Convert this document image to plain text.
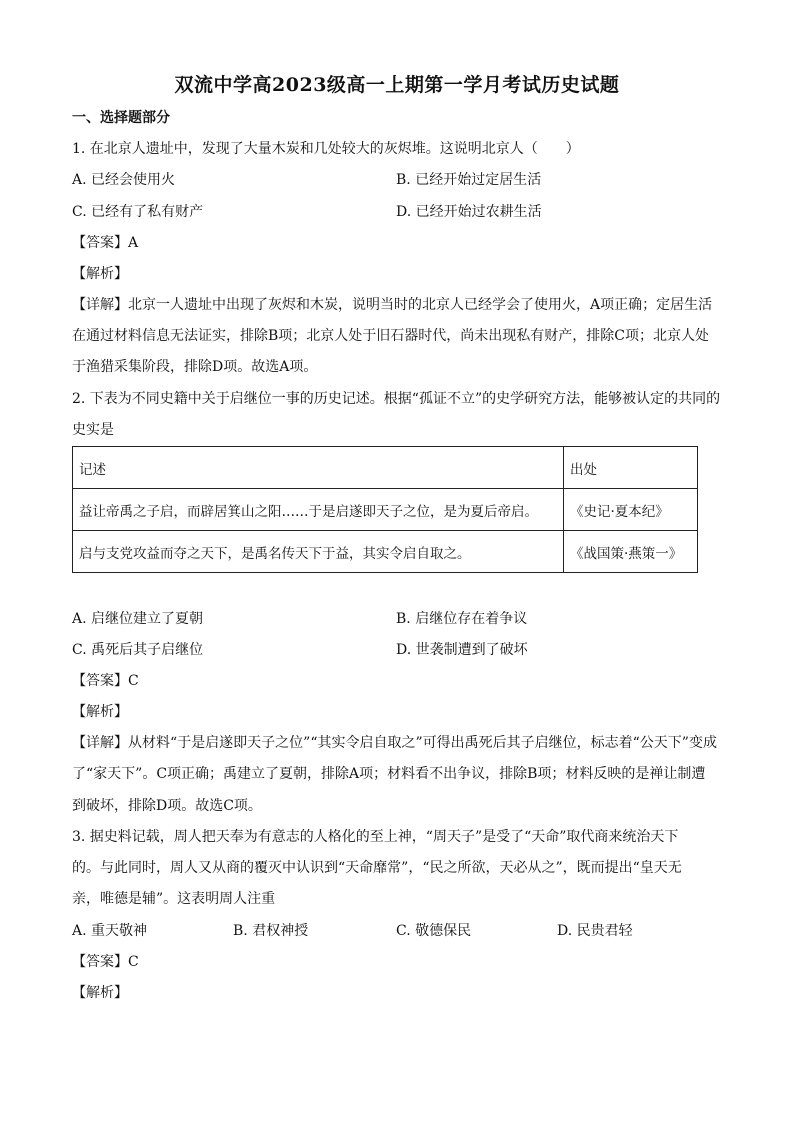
双流中学高2023级高一上期第一学月考试历史试题
一、选择题部分
1. 在北京人遗址中，发现了大量木炭和几处较大的灰烬堆。这说明北京人（　　）
A. 已经会使用火	B. 已经开始过定居生活
C. 已经有了私有财产	D. 已经开始过农耕生活
【答案】A
【解析】
【详解】北京一人遗址中出现了灰烬和木炭，说明当时的北京人已经学会了使用火，A项正确；定居生活
在通过材料信息无法证实，排除B项；北京人处于旧石器时代，尚未出现私有财产，排除C项；北京人处
于渔猎采集阶段，排除D项。故选A项。
2. 下表为不同史籍中关于启继位一事的历史记述。根据“孤证不立”的史学研究方法，能够被认定的共同的
史实是
记述	出处
益让帝禹之子启，而辟居箕山之阳……于是启遂即天子之位，是为夏后帝启。	《史记·夏本纪》
启与支党攻益而夺之天下，是禹名传天下于益，其实令启自取之。	《战国策·燕策一》
A. 启继位建立了夏朝	B. 启继位存在着争议
C. 禹死后其子启继位	D. 世袭制遭到了破坏
【答案】C
【解析】
【详解】从材料“于是启遂即天子之位”“其实令启自取之”可得出禹死后其子启继位，标志着“公天下”变成
了“家天下”。C项正确；禹建立了夏朝，排除A项；材料看不出争议，排除B项；材料反映的是禅让制遭
到破坏，排除D项。故选C项。
3. 据史料记载，周人把天奉为有意志的人格化的至上神，“周天子”是受了“天命”取代商来统治天下
的。与此同时，周人又从商的覆灭中认识到“天命靡常”，“民之所欲，天必从之”，既而提出“皇天无
亲，唯德是辅”。这表明周人注重
A. 重天敬神	B. 君权神授	C. 敬德保民	D. 民贵君轻
【答案】C
【解析】
